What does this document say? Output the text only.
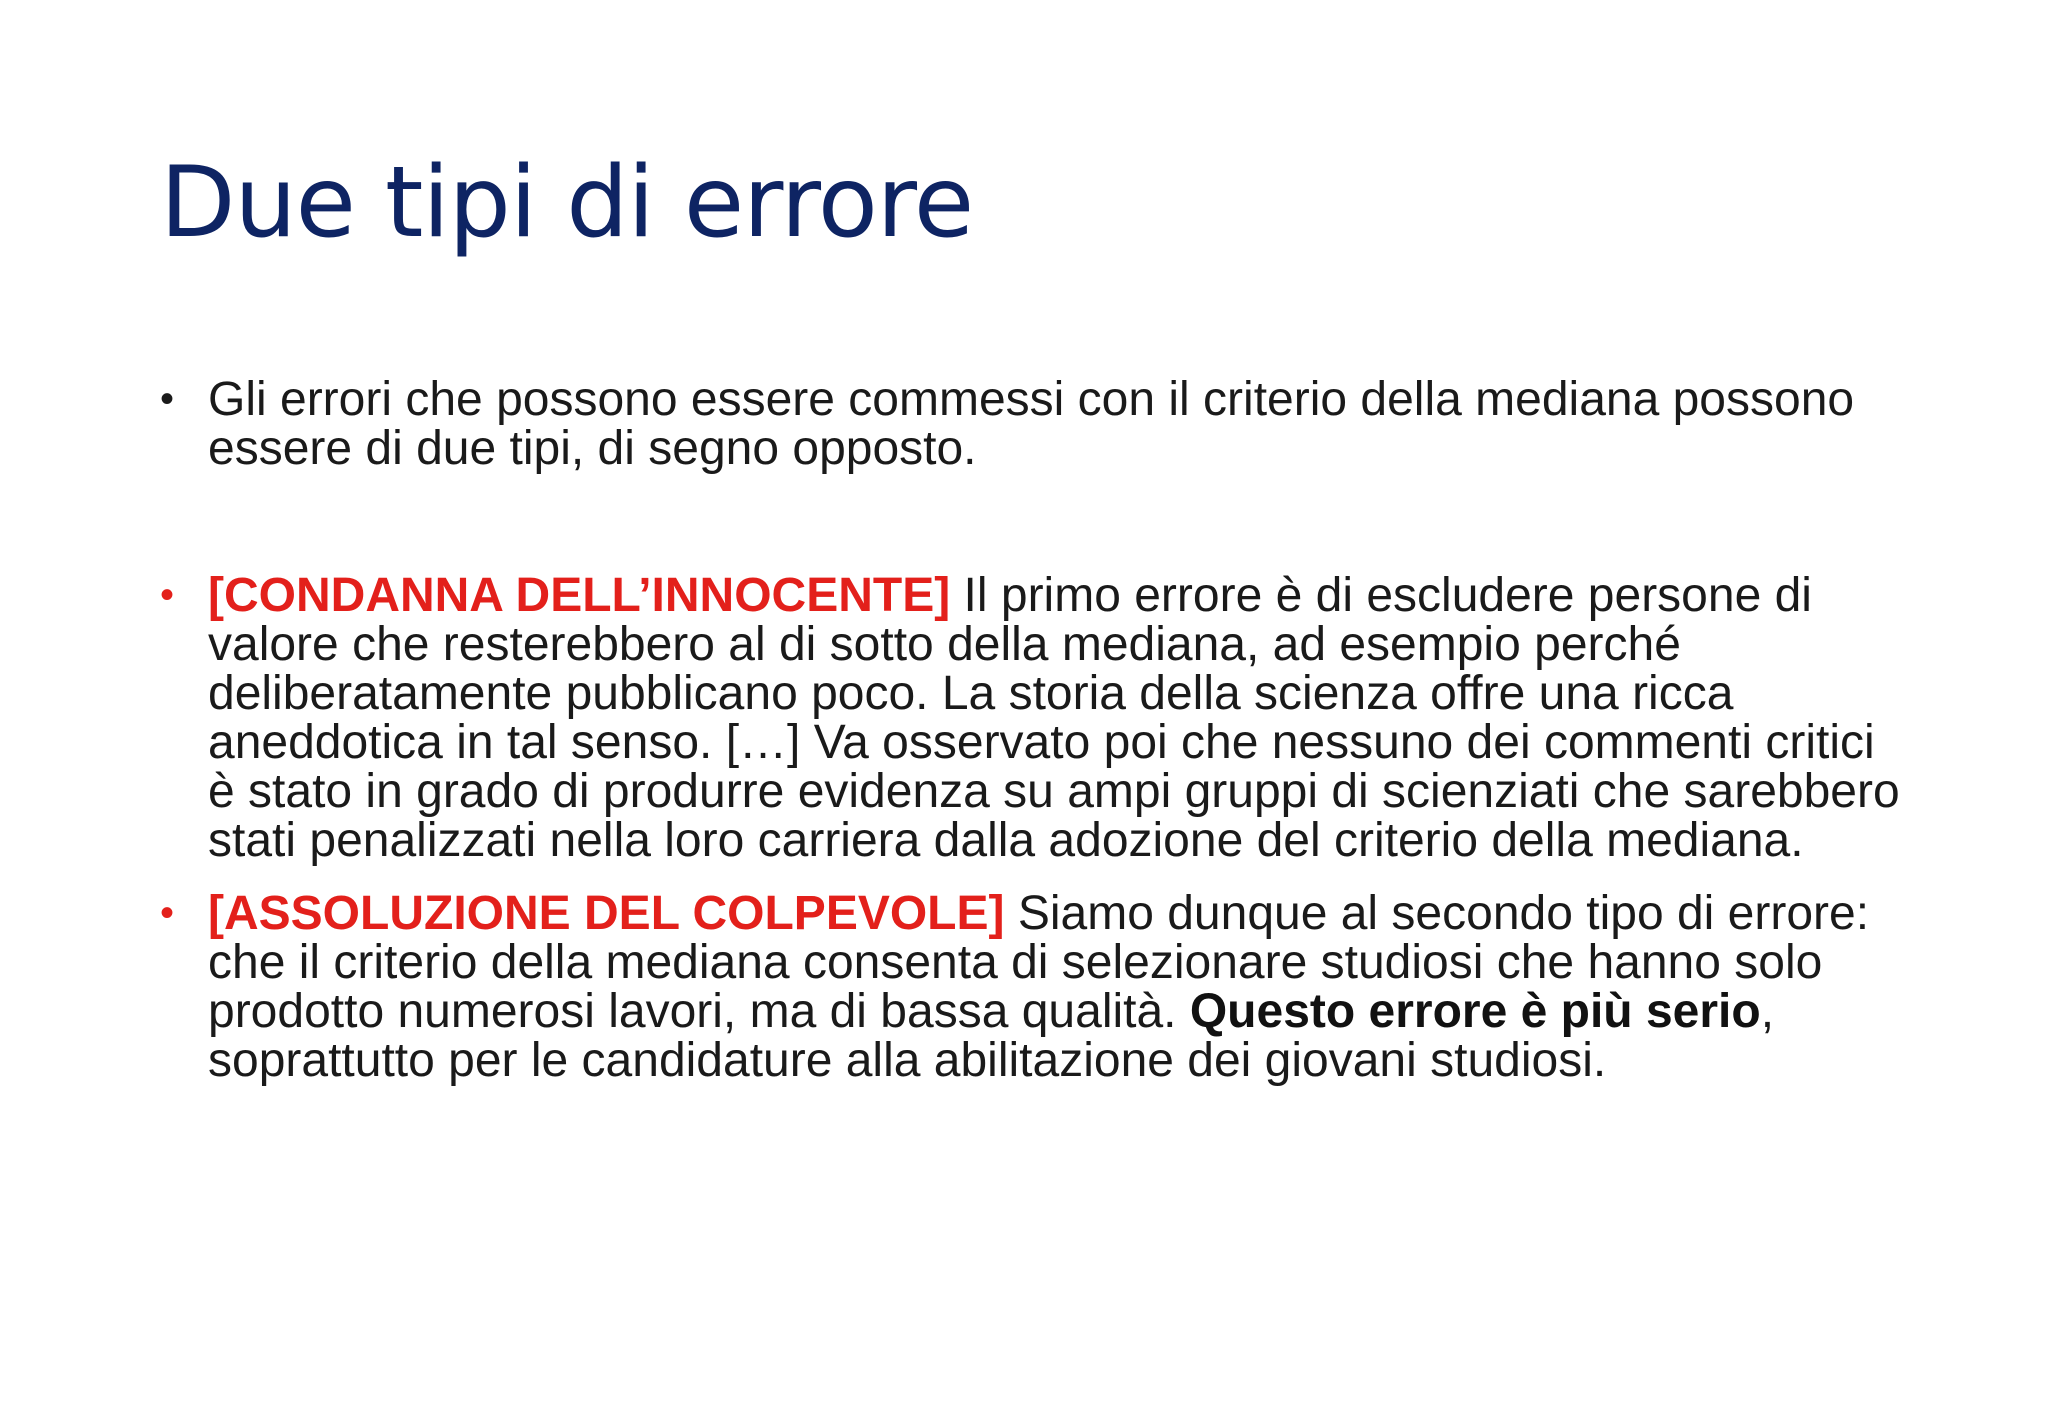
Due tipi di errore
• Gli errori che possono essere commessi con il criterio della mediana possono essere di due tipi, di segno opposto.
• [CONDANNA DELL’INNOCENTE] Il primo errore è di escludere persone di valore che resterebbero al di sotto della mediana, ad esempio perché deliberatamente pubblicano poco. La storia della scienza offre una ricca aneddotica in tal senso. […] Va osservato poi che nessuno dei commenti critici è stato in grado di produrre evidenza su ampi gruppi di scienziati che sarebbero stati penalizzati nella loro carriera dalla adozione del criterio della mediana.
• [ASSOLUZIONE DEL COLPEVOLE] Siamo dunque al secondo tipo di errore: che il criterio della mediana consenta di selezionare studiosi che hanno solo prodotto numerosi lavori, ma di bassa qualità. Questo errore è più serio, soprattutto per le candidature alla abilitazione dei giovani studiosi.
